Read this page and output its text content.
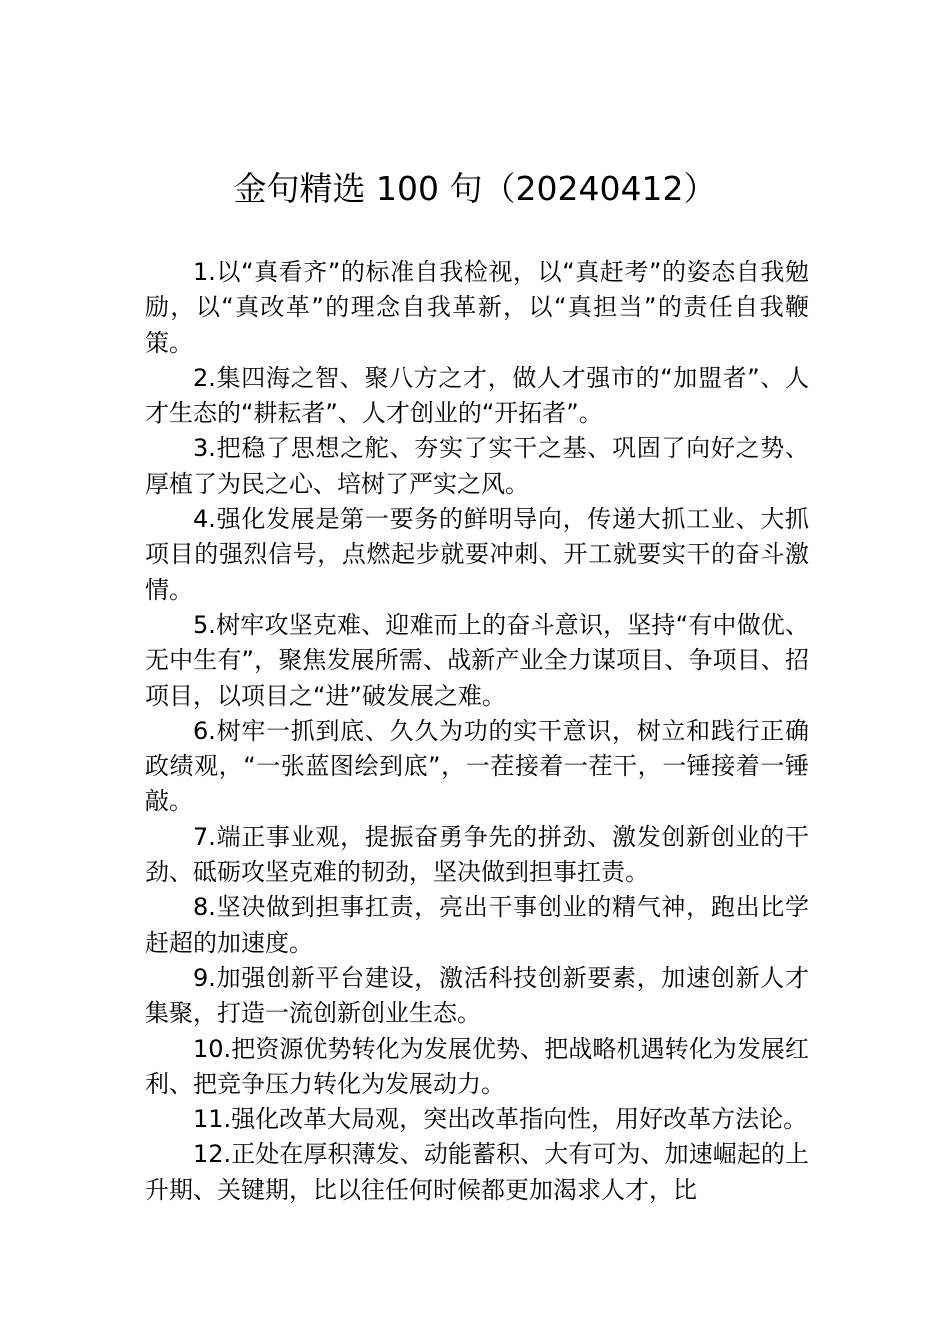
金句精选 100 句（20240412）

1.以“真看齐”的标准自我检视，以“真赶考”的姿态自我勉励，以“真改革”的理念自我革新，以“真担当”的责任自我鞭策。

2.集四海之智、聚八方之才，做人才强市的“加盟者”、人才生态的“耕耘者”、人才创业的“开拓者”。

3.把稳了思想之舵、夯实了实干之基、巩固了向好之势、厚植了为民之心、培树了严实之风。

4.强化发展是第一要务的鲜明导向，传递大抓工业、大抓项目的强烈信号，点燃起步就要冲刺、开工就要实干的奋斗激情。

5.树牢攻坚克难、迎难而上的奋斗意识，坚持“有中做优、无中生有”，聚焦发展所需、战新产业全力谋项目、争项目、招项目，以项目之“进”破发展之难。

6.树牢一抓到底、久久为功的实干意识，树立和践行正确政绩观，“一张蓝图绘到底”，一茬接着一茬干，一锤接着一锤敲。

7.端正事业观，提振奋勇争先的拼劲、激发创新创业的干劲、砥砺攻坚克难的韧劲，坚决做到担事扛责。

8.坚决做到担事扛责，亮出干事创业的精气神，跑出比学赶超的加速度。

9.加强创新平台建设，激活科技创新要素，加速创新人才集聚，打造一流创新创业生态。

10.把资源优势转化为发展优势、把战略机遇转化为发展红利、把竞争压力转化为发展动力。

11.强化改革大局观，突出改革指向性，用好改革方法论。

12.正处在厚积薄发、动能蓄积、大有可为、加速崛起的上升期、关键期，比以往任何时候都更加渴求人才，比
